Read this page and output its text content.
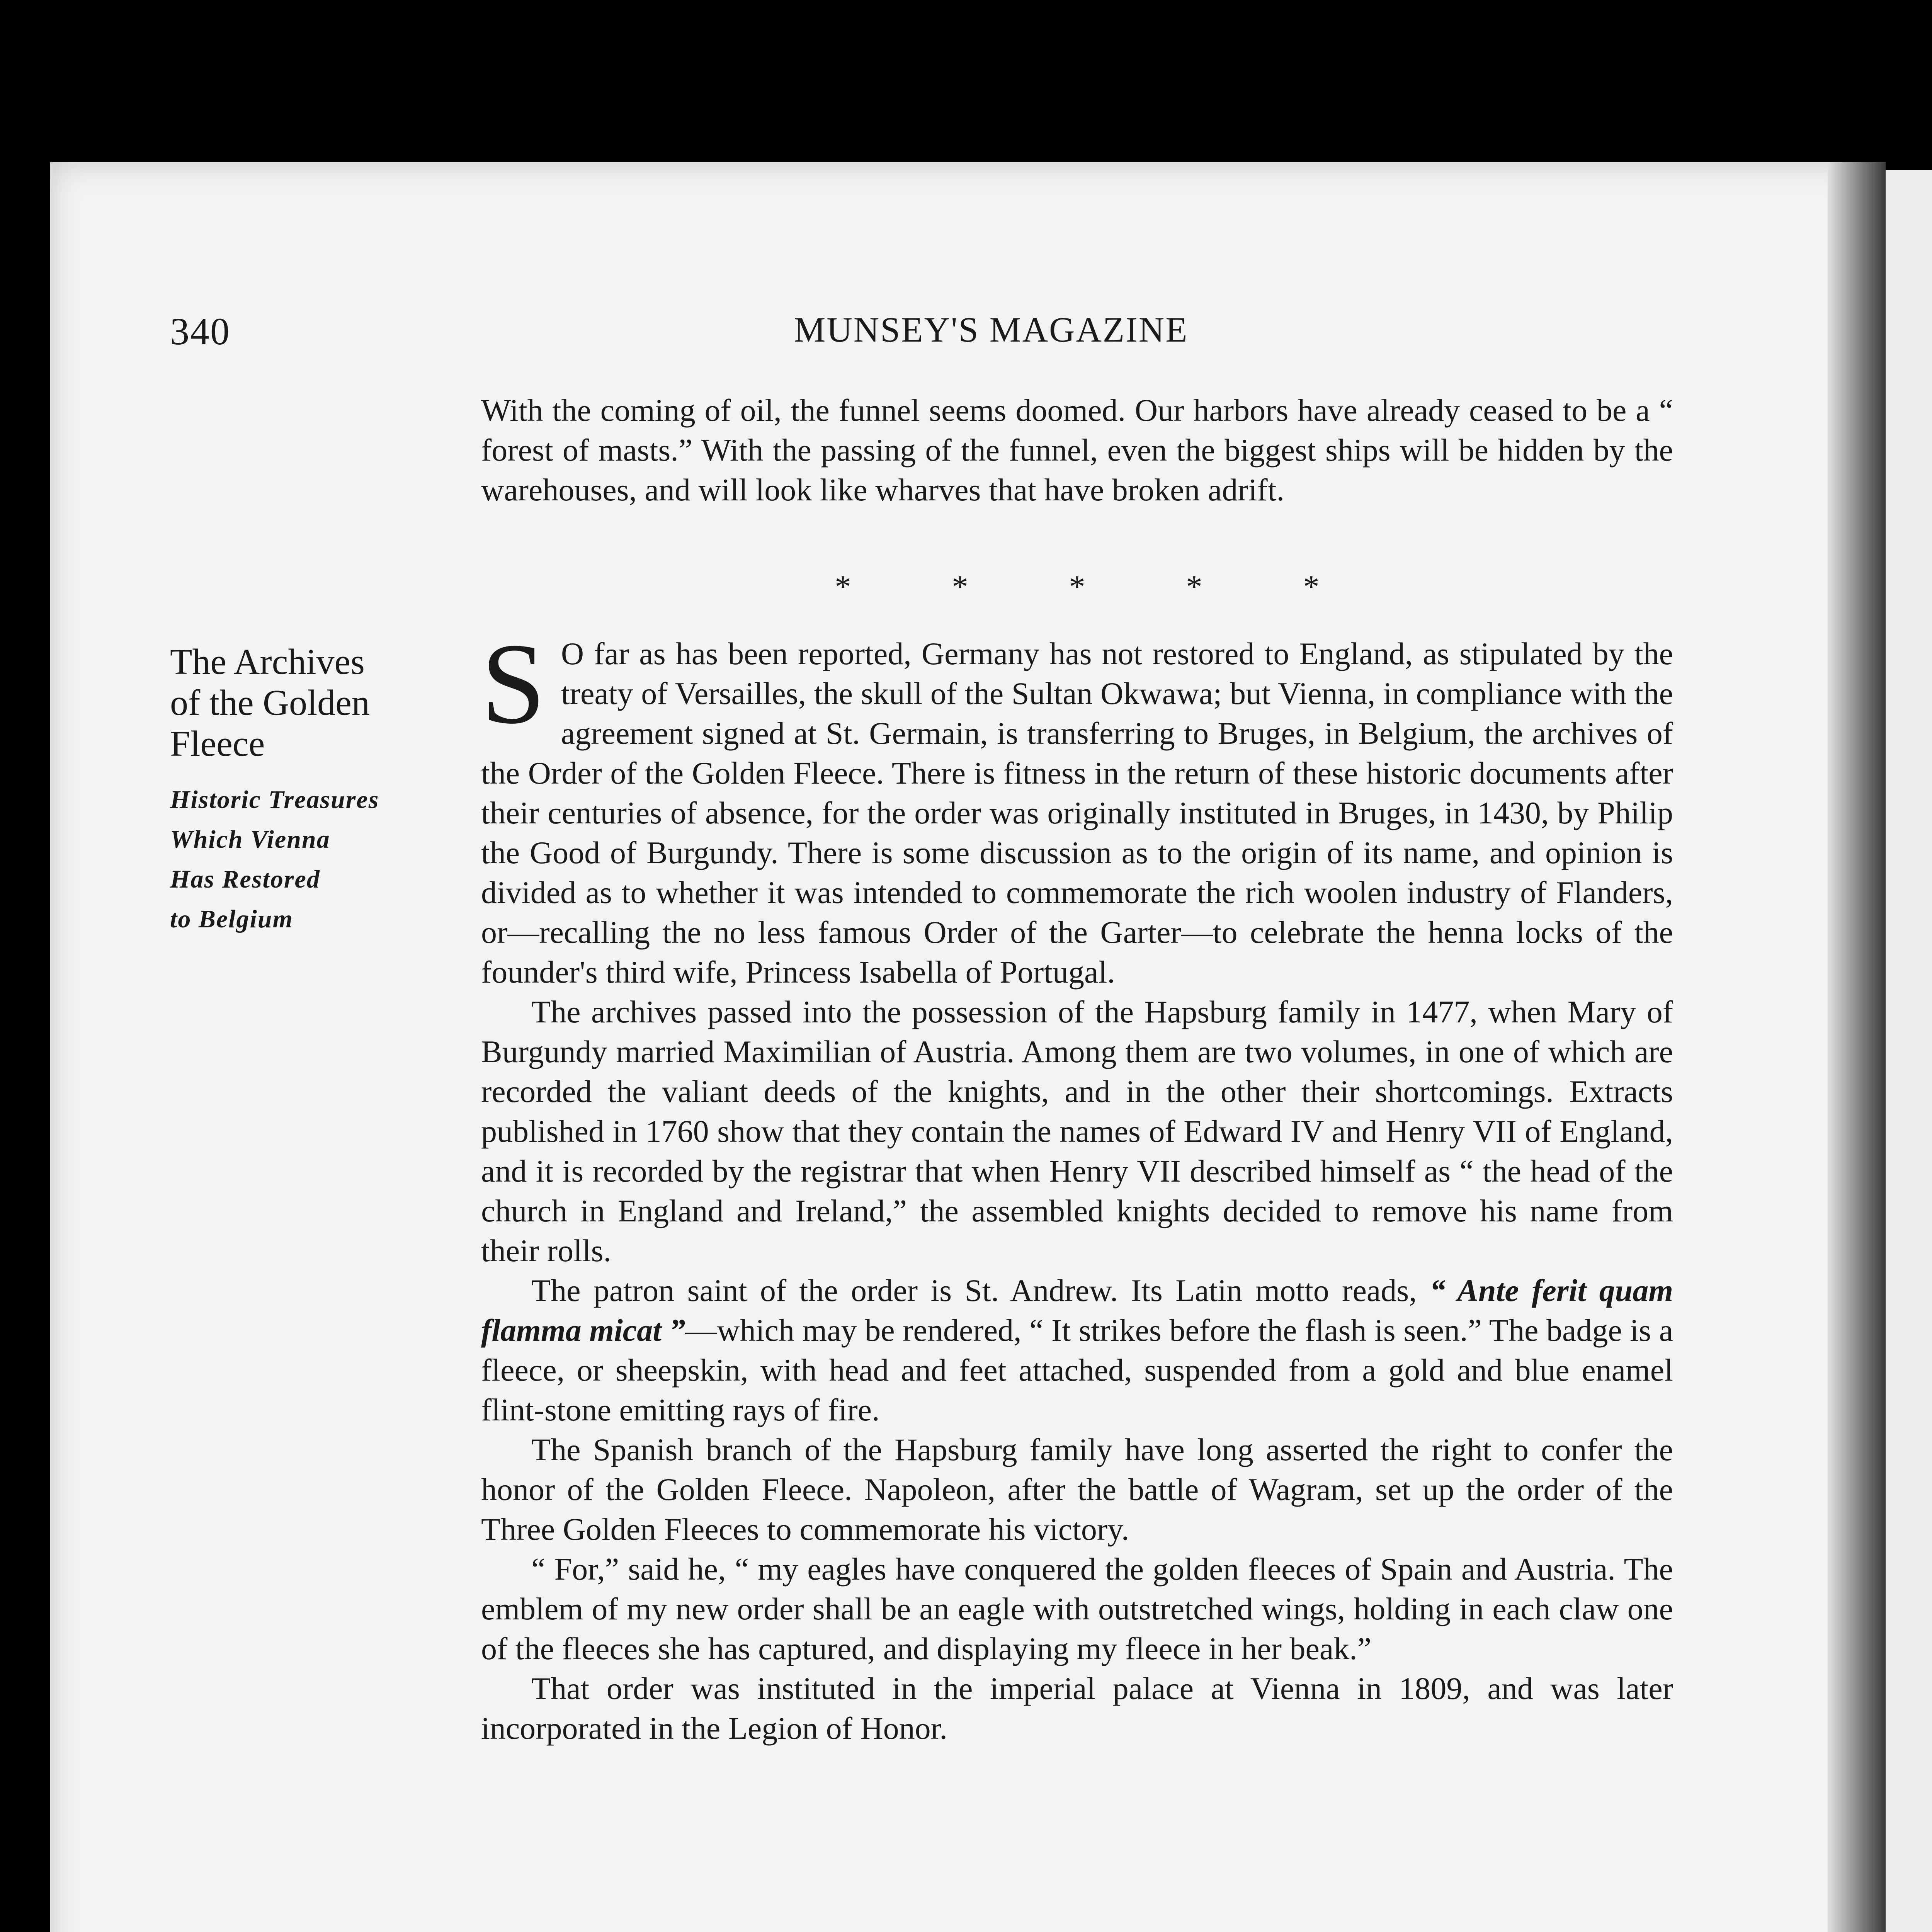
340	MUNSEY'S MAGAZINE

With the coming of oil, the funnel seems doomed. Our harbors have already ceased to be a “ forest of masts.” With the passing of the funnel, even the biggest ships will be hidden by the warehouses, and will look like wharves that have broken adrift.

* * * * *
The Archives
of the Golden
Fleece
Historic Treasures
Which Vienna
Has Restored
to Belgium

S O far as has been reported, Germany has not restored to England, as stipulated by the treaty of Versailles, the skull of the Sultan Okwawa; but Vienna, in compliance with the agreement signed at St. Germain, is transferring to Bruges, in Belgium, the archives of the Order of the Golden Fleece. There is fitness in the return of these historic documents after their centuries of absence, for the order was originally instituted in Bruges, in 1430, by Philip the Good of Burgundy. There is some discussion as to the origin of its name, and opinion is divided as to whether it was intended to commemorate the rich woolen industry of Flanders, or—recalling the no less famous Order of the Garter—to celebrate the henna locks of the founder's third wife, Princess Isabella of Portugal.

The archives passed into the possession of the Hapsburg family in 1477, when Mary of Burgundy married Maximilian of Austria. Among them are two volumes, in one of which are recorded the valiant deeds of the knights, and in the other their shortcomings. Extracts published in 1760 show that they contain the names of Edward IV and Henry VII of England, and it is recorded by the registrar that when Henry VII described himself as “ the head of the church in England and Ireland,” the assembled knights decided to remove his name from their rolls.

The patron saint of the order is St. Andrew. Its Latin motto reads, “ Ante ferit quam flamma micat ”—which may be rendered, “ It strikes before the flash is seen.” The badge is a fleece, or sheepskin, with head and feet attached, suspended from a gold and blue enamel flint-stone emitting rays of fire.

The Spanish branch of the Hapsburg family have long asserted the right to confer the honor of the Golden Fleece. Napoleon, after the battle of Wagram, set up the order of the Three Golden Fleeces to commemorate his victory.

“ For,” said he, “ my eagles have conquered the golden fleeces of Spain and Austria. The emblem of my new order shall be an eagle with outstretched wings, holding in each claw one of the fleeces she has captured, and displaying my fleece in her beak.”

That order was instituted in the imperial palace at Vienna in 1809, and was later incorporated in the Legion of Honor.
